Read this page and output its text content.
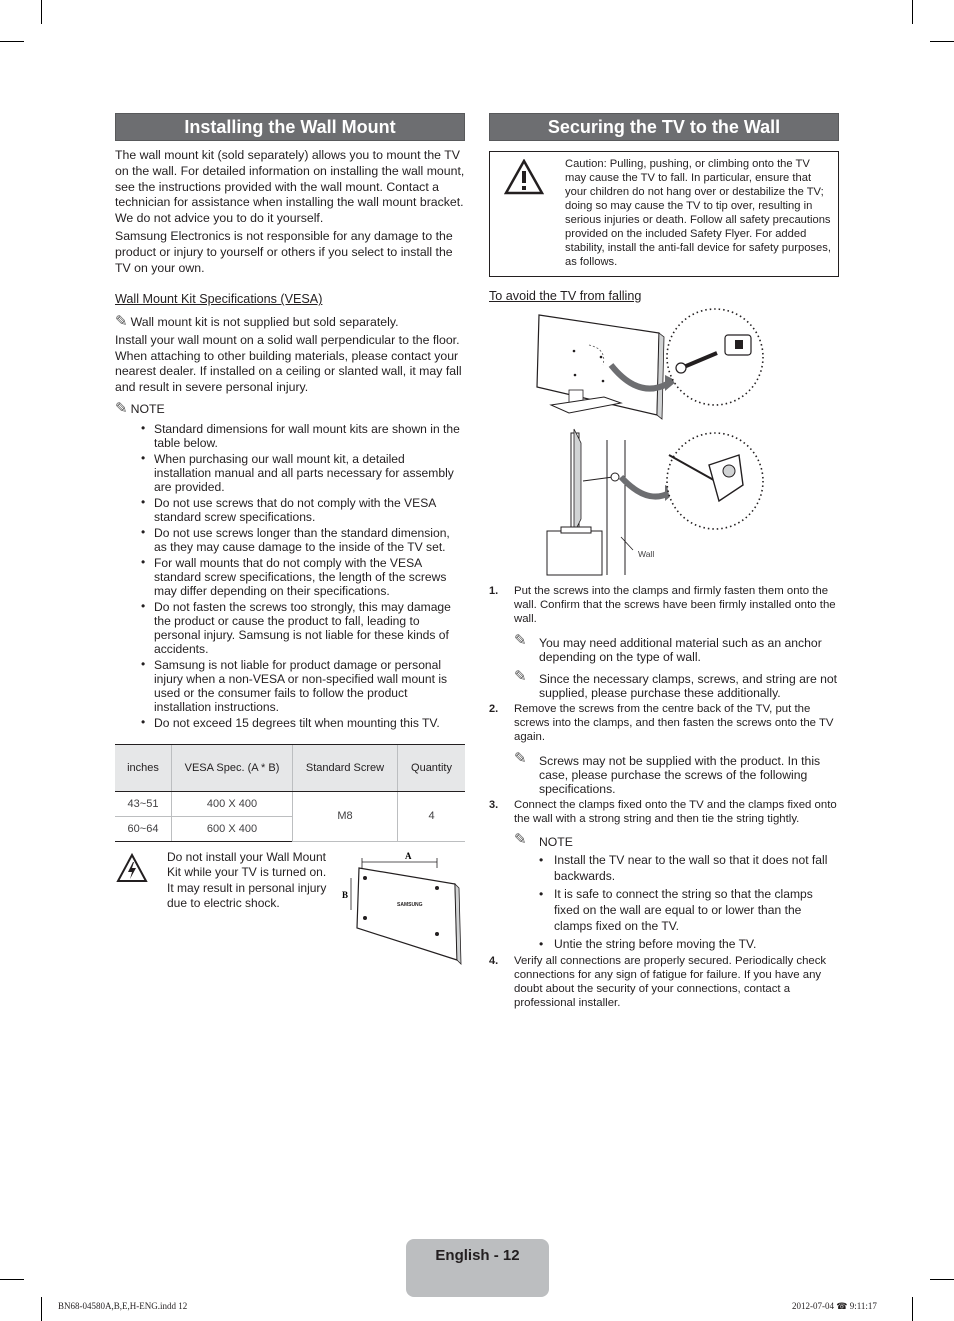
Installing the Wall Mount

The wall mount kit (sold separately) allows you to mount the TV on the wall. For detailed information on installing the wall mount, see the instructions provided with the wall mount. Contact a technician for assistance when installing the wall mount bracket. We do not advice you to do it yourself.

Samsung Electronics is not responsible for any damage to the product or injury to yourself or others if you select to install the TV on your own.

Wall Mount Kit Specifications (VESA)
✎ Wall mount kit is not supplied but sold separately.

Install your wall mount on a solid wall perpendicular to the floor. When attaching to other building materials, please contact your nearest dealer. If installed on a ceiling or slanted wall, it may fall and result in severe personal injury.

✎ NOTE
• Standard dimensions for wall mount kits are shown in the table below.
• When purchasing our wall mount kit, a detailed installation manual and all parts necessary for assembly are provided.
• Do not use screws that do not comply with the VESA standard screw specifications.
• Do not use screws longer than the standard dimension, as they may cause damage to the inside of the TV set.
• For wall mounts that do not comply with the VESA standard screw specifications, the length of the screws may differ depending on their specifications.
• Do not fasten the screws too strongly, this may damage the product or cause the product to fall, leading to personal injury. Samsung is not liable for these kinds of accidents.
• Samsung is not liable for product damage or personal injury when a non-VESA or non-specified wall mount is used or the consumer fails to follow the product installation instructions.
• Do not exceed 15 degrees tilt when mounting this TV.
inches	VESA Spec. (A * B)	Standard Screw	Quantity
43~51	400 X 400	M8	4
60~64	600 X 400		

Do not install your Wall Mount Kit while your TV is turned on. It may result in personal injury due to electric shock.

A
B
SAMSUNG
Securing the TV to the Wall

Caution: Pulling, pushing, or climbing onto the TV may cause the TV to fall. In particular, ensure that your children do not hang over or destabilize the TV; doing so may cause the TV to tip over, resulting in serious injuries or death. Follow all safety precautions provided on the included Safety Flyer. For added stability, install the anti-fall device for safety purposes, as follows.

To avoid the TV from falling
Wall
1. Put the screws into the clamps and firmly fasten them onto the wall. Confirm that the screws have been firmly installed onto the wall.
✎ You may need additional material such as an anchor depending on the type of wall.
✎ Since the necessary clamps, screws, and string are not supplied, please purchase these additionally.
2. Remove the screws from the centre back of the TV, put the screws into the clamps, and then fasten the screws onto the TV again.
✎ Screws may not be supplied with the product. In this case, please purchase the screws of the following specifications.
3. Connect the clamps fixed onto the TV and the clamps fixed onto the wall with a strong string and then tie the string tightly.
✎ NOTE
• Install the TV near to the wall so that it does not fall backwards.
• It is safe to connect the string so that the clamps fixed on the wall are equal to or lower than the clamps fixed on the TV.
• Untie the string before moving the TV.
4. Verify all connections are properly secured. Periodically check connections for any sign of fatigue for failure. If you have any doubt about the security of your connections, contact a professional installer.
English - 12
BN68-04580A,B,E,H-ENG.indd 12	2012-07-04 ☎ 9:11:17
